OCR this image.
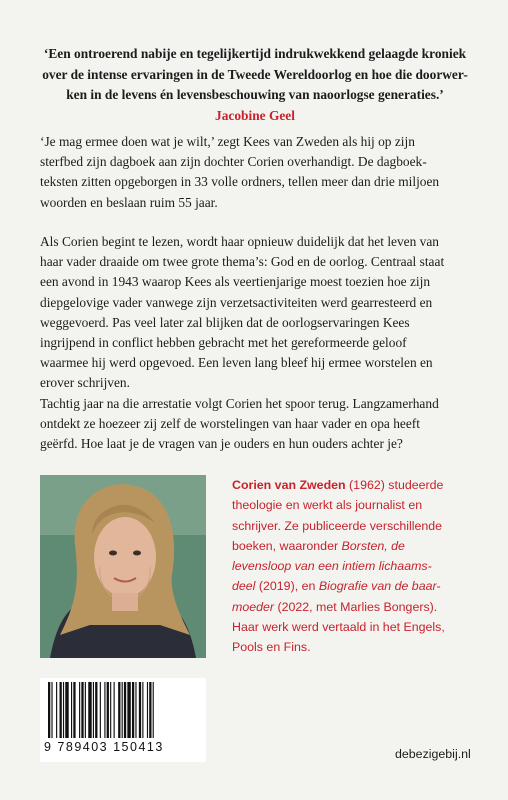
‘Een ontroerend nabije en tegelijkertijd indrukwekkend gelaagde kroniek
over de intense ervaringen in de Tweede Wereldoorlog en hoe die doorwer-
ken in de levens én levensbeschouwing van naoorlogse generaties.’
Jacobine Geel
‘Je mag ermee doen wat je wilt,’ zegt Kees van Zweden als hij op zijn
sterfbed zijn dagboek aan zijn dochter Corien overhandigt. De dagboek-
teksten zitten opgeborgen in 33 volle ordners, tellen meer dan drie miljoen
woorden en beslaan ruim 55 jaar.
Als Corien begint te lezen, wordt haar opnieuw duidelijk dat het leven van
haar vader draaide om twee grote thema’s: God en de oorlog. Centraal staat
een avond in 1943 waarop Kees als veertienjarige moest toezien hoe zijn
diepgelovige vader vanwege zijn verzetsactiviteiten werd gearresteerd en
weggevoerd. Pas veel later zal blijken dat de oorlogservaringen Kees
ingrijpend in conflict hebben gebracht met het gereformeerde geloof
waarmee hij werd opgevoed. Een leven lang bleef hij ermee worstelen en
erover schrijven.
Tachtig jaar na die arrestatie volgt Corien het spoor terug. Langzamerhand
ontdekt ze hoezeer zij zelf de worstelingen van haar vader en opa heeft
geërfd. Hoe laat je de vragen van je ouders en hun ouders achter je?
Corien van Zweden (1962) studeerde
theologie en werkt als journalist en
schrijver. Ze publiceerde verschillende
boeken, waaronder Borsten, de
levensloop van een intiem lichaams-
deel (2019), en Biografie van de baar-
moeder (2022, met Marlies Bongers).
Haar werk werd vertaald in het Engels,
Pools en Fins.
9 789403 150413	debezigebij.nl
